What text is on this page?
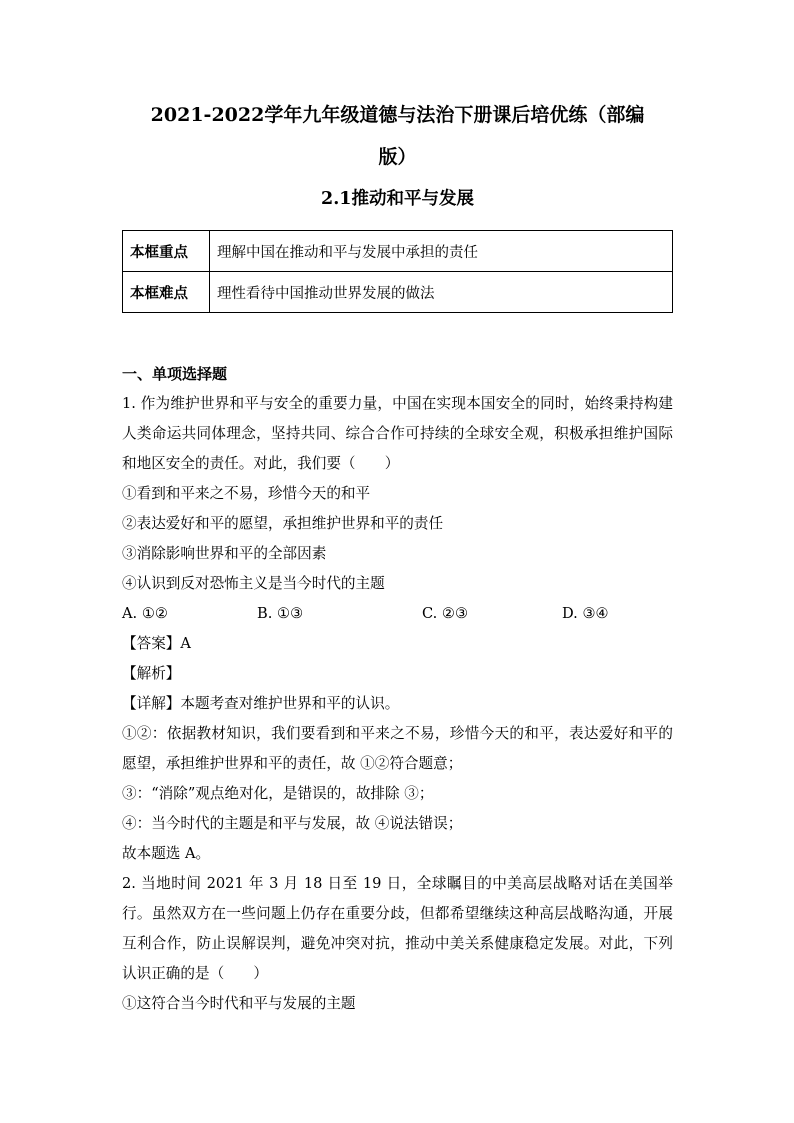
2021-2022学年九年级道德与法治下册课后培优练（部编
版）
2.1推动和平与发展
本框重点	理解中国在推动和平与发展中承担的责任
本框难点	理性看待中国推动世界发展的做法
一、单项选择题

1. 作为维护世界和平与安全的重要力量，中国在实现本国安全的同时，始终秉持构建人类命运共同体理念，坚持共同、综合合作可持续的全球安全观，积极承担维护国际和地区安全的责任。对此，我们要（　　）

①看到和平来之不易，珍惜今天的和平

②表达爱好和平的愿望，承担维护世界和平的责任

③消除影响世界和平的全部因素

④认识到反对恐怖主义是当今时代的主题

A. ①②	B. ①③	C. ②③	D. ③④

【答案】A

【解析】

【详解】本题考查对维护世界和平的认识。

①②：依据教材知识，我们要看到和平来之不易，珍惜今天的和平，表达爱好和平的愿望，承担维护世界和平的责任，故 ①②符合题意；

③：“消除”观点绝对化，是错误的，故排除 ③；

④：当今时代的主题是和平与发展，故 ④说法错误；

故本题选 A。

2. 当地时间 2021 年 3 月 18 日至 19 日，全球瞩目的中美高层战略对话在美国举行。虽然双方在一些问题上仍存在重要分歧，但都希望继续这种高层战略沟通，开展互利合作，防止误解误判，避免冲突对抗，推动中美关系健康稳定发展。对此，下列认识正确的是（　　）

①这符合当今时代和平与发展的主题
